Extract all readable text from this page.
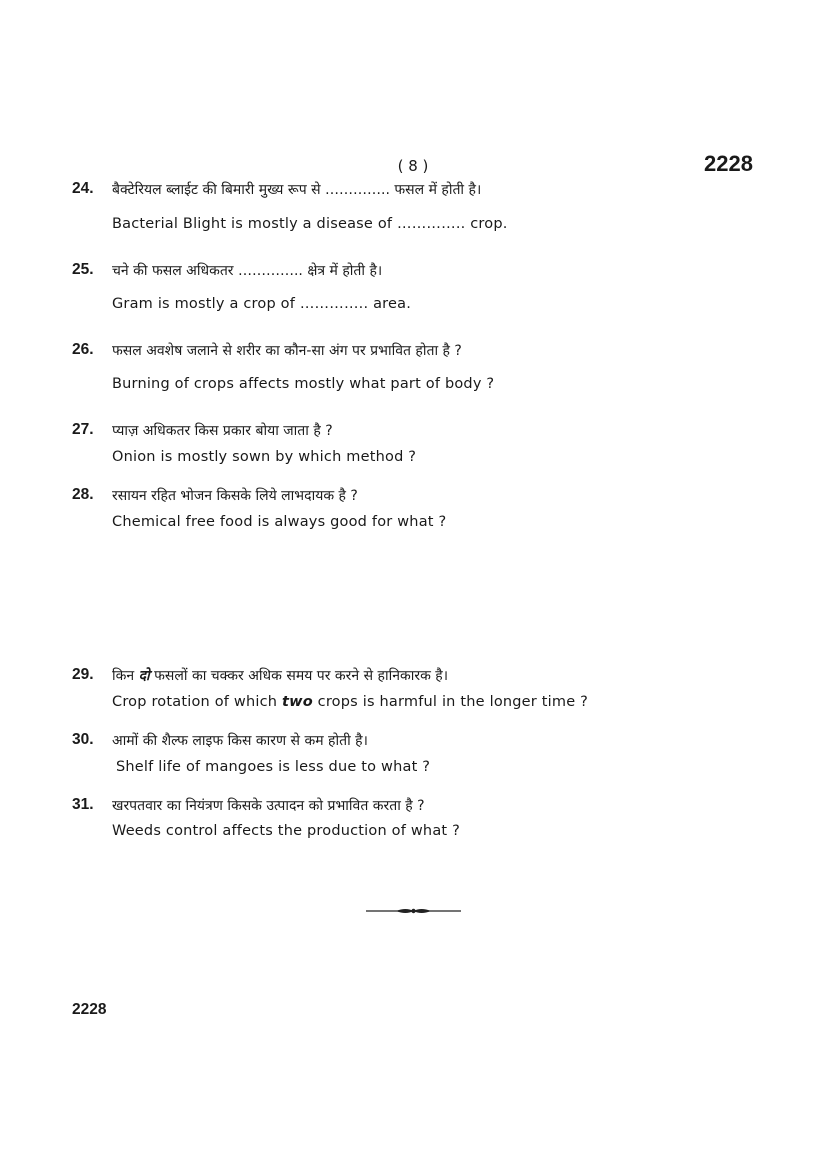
( 8 )	2228
24. बैक्टेरियल ब्लाईट की बिमारी मुख्य रूप से ………….. फसल में होती है।
Bacterial Blight is mostly a disease of ………….. crop.
25. चने की फसल अधिकतर ………….. क्षेत्र में होती है।
Gram is mostly a crop of ………….. area.
26. फसल अवशेष जलाने से शरीर का कौन-सा अंग पर प्रभावित होता है ?
Burning of crops affects mostly what part of body ?
27. प्याज़ अधिकतर किस प्रकार बोया जाता है ?
Onion is mostly sown by which method ?
28. रसायन रहित भोजन किसके लिये लाभदायक है ?
Chemical free food is always good for what ?
29. किन दो फसलों का चक्कर अधिक समय पर करने से हानिकारक है।
Crop rotation of which two crops is harmful in the longer time ?
30. आमों की शैल्फ लाइफ किस कारण से कम होती है।
Shelf life of mangoes is less due to what ?
31. खरपतवार का नियंत्रण किसके उत्पादन को प्रभावित करता है ?
Weeds control affects the production of what ?
2228
